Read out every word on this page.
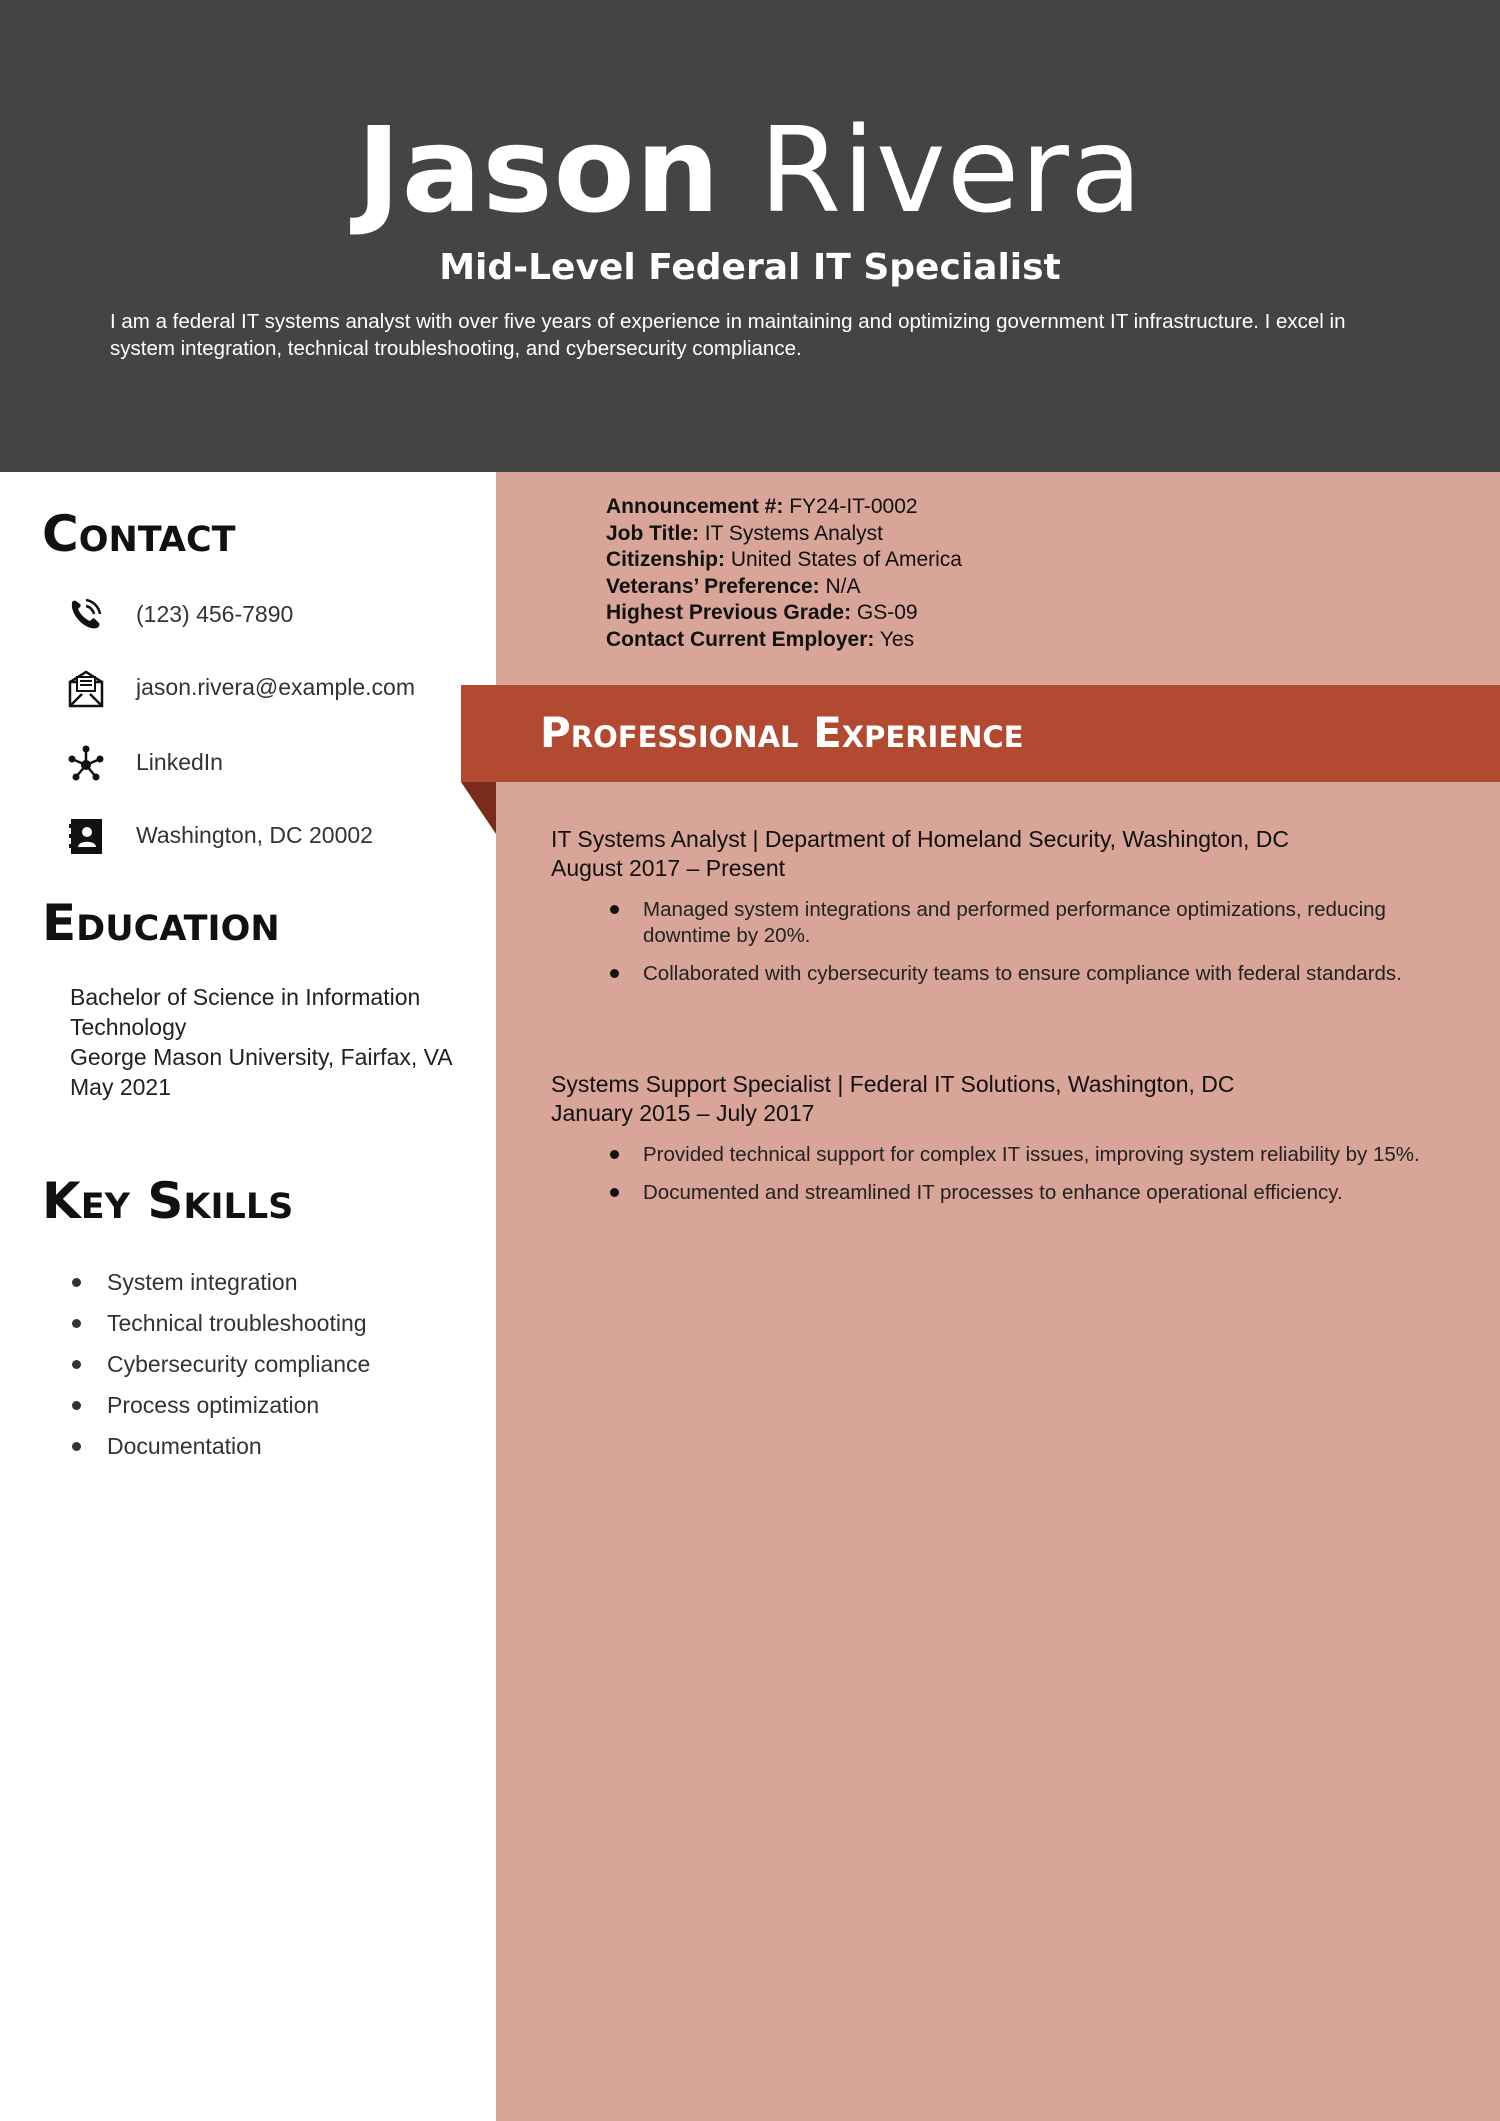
Jason Rivera
Mid-Level Federal IT Specialist
I am a federal IT systems analyst with over five years of experience in maintaining and optimizing government IT infrastructure. I excel in system integration, technical troubleshooting, and cybersecurity compliance.
Contact
(123) 456-7890
jason.rivera@example.com
LinkedIn
Washington, DC 20002
Education
Bachelor of Science in Information Technology
George Mason University, Fairfax, VA
May 2021
Key Skills
System integration
Technical troubleshooting
Cybersecurity compliance
Process optimization
Documentation
Announcement #: FY24-IT-0002
Job Title: IT Systems Analyst
Citizenship: United States of America
Veterans’ Preference: N/A
Highest Previous Grade: GS-09
Contact Current Employer: Yes
Professional Experience
IT Systems Analyst | Department of Homeland Security, Washington, DC
August 2017 – Present
Managed system integrations and performed performance optimizations, reducing downtime by 20%.
Collaborated with cybersecurity teams to ensure compliance with federal standards.
Systems Support Specialist | Federal IT Solutions, Washington, DC
January 2015 – July 2017
Provided technical support for complex IT issues, improving system reliability by 15%.
Documented and streamlined IT processes to enhance operational efficiency.
